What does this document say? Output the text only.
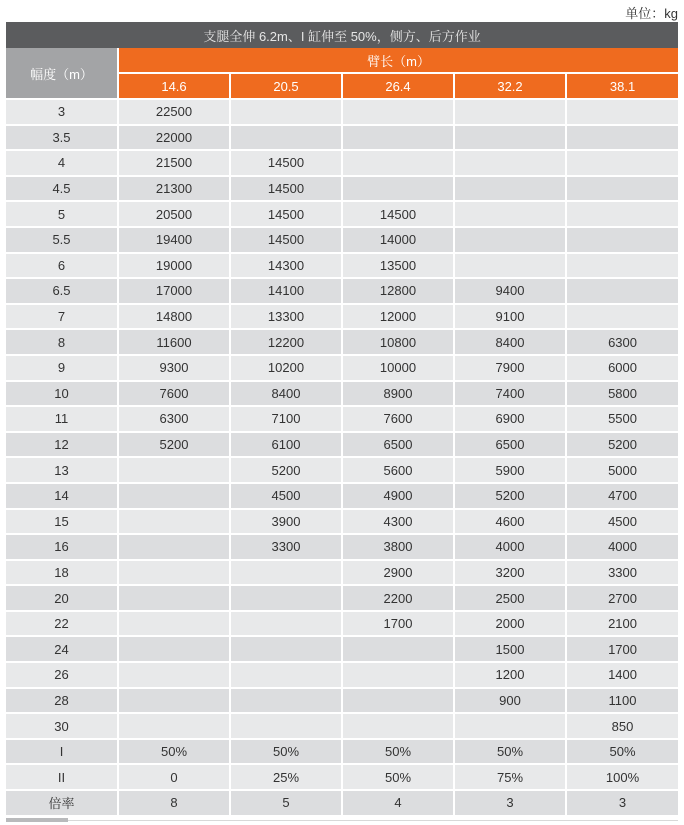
单位：kg
支腿全伸 6.2m、I 缸伸至 50%，侧方、后方作业					
幅度（m）	臂长（m）				
	14.6	20.5	26.4	32.2	38.1
3	22500				
3.5	22000				
4	21500	14500			
4.5	21300	14500			
5	20500	14500	14500		
5.5	19400	14500	14000		
6	19000	14300	13500		
6.5	17000	14100	12800	9400	
7	14800	13300	12000	9100	
8	11600	12200	10800	8400	6300
9	9300	10200	10000	7900	6000
10	7600	8400	8900	7400	5800
11	6300	7100	7600	6900	5500
12	5200	6100	6500	6500	5200
13		5200	5600	5900	5000
14		4500	4900	5200	4700
15		3900	4300	4600	4500
16		3300	3800	4000	4000
18			2900	3200	3300
20			2200	2500	2700
22			1700	2000	2100
24				1500	1700
26				1200	1400
28				900	1100
30					850
I	50%	50%	50%	50%	50%
II	0	25%	50%	75%	100%
倍率	8	5	4	3	3
